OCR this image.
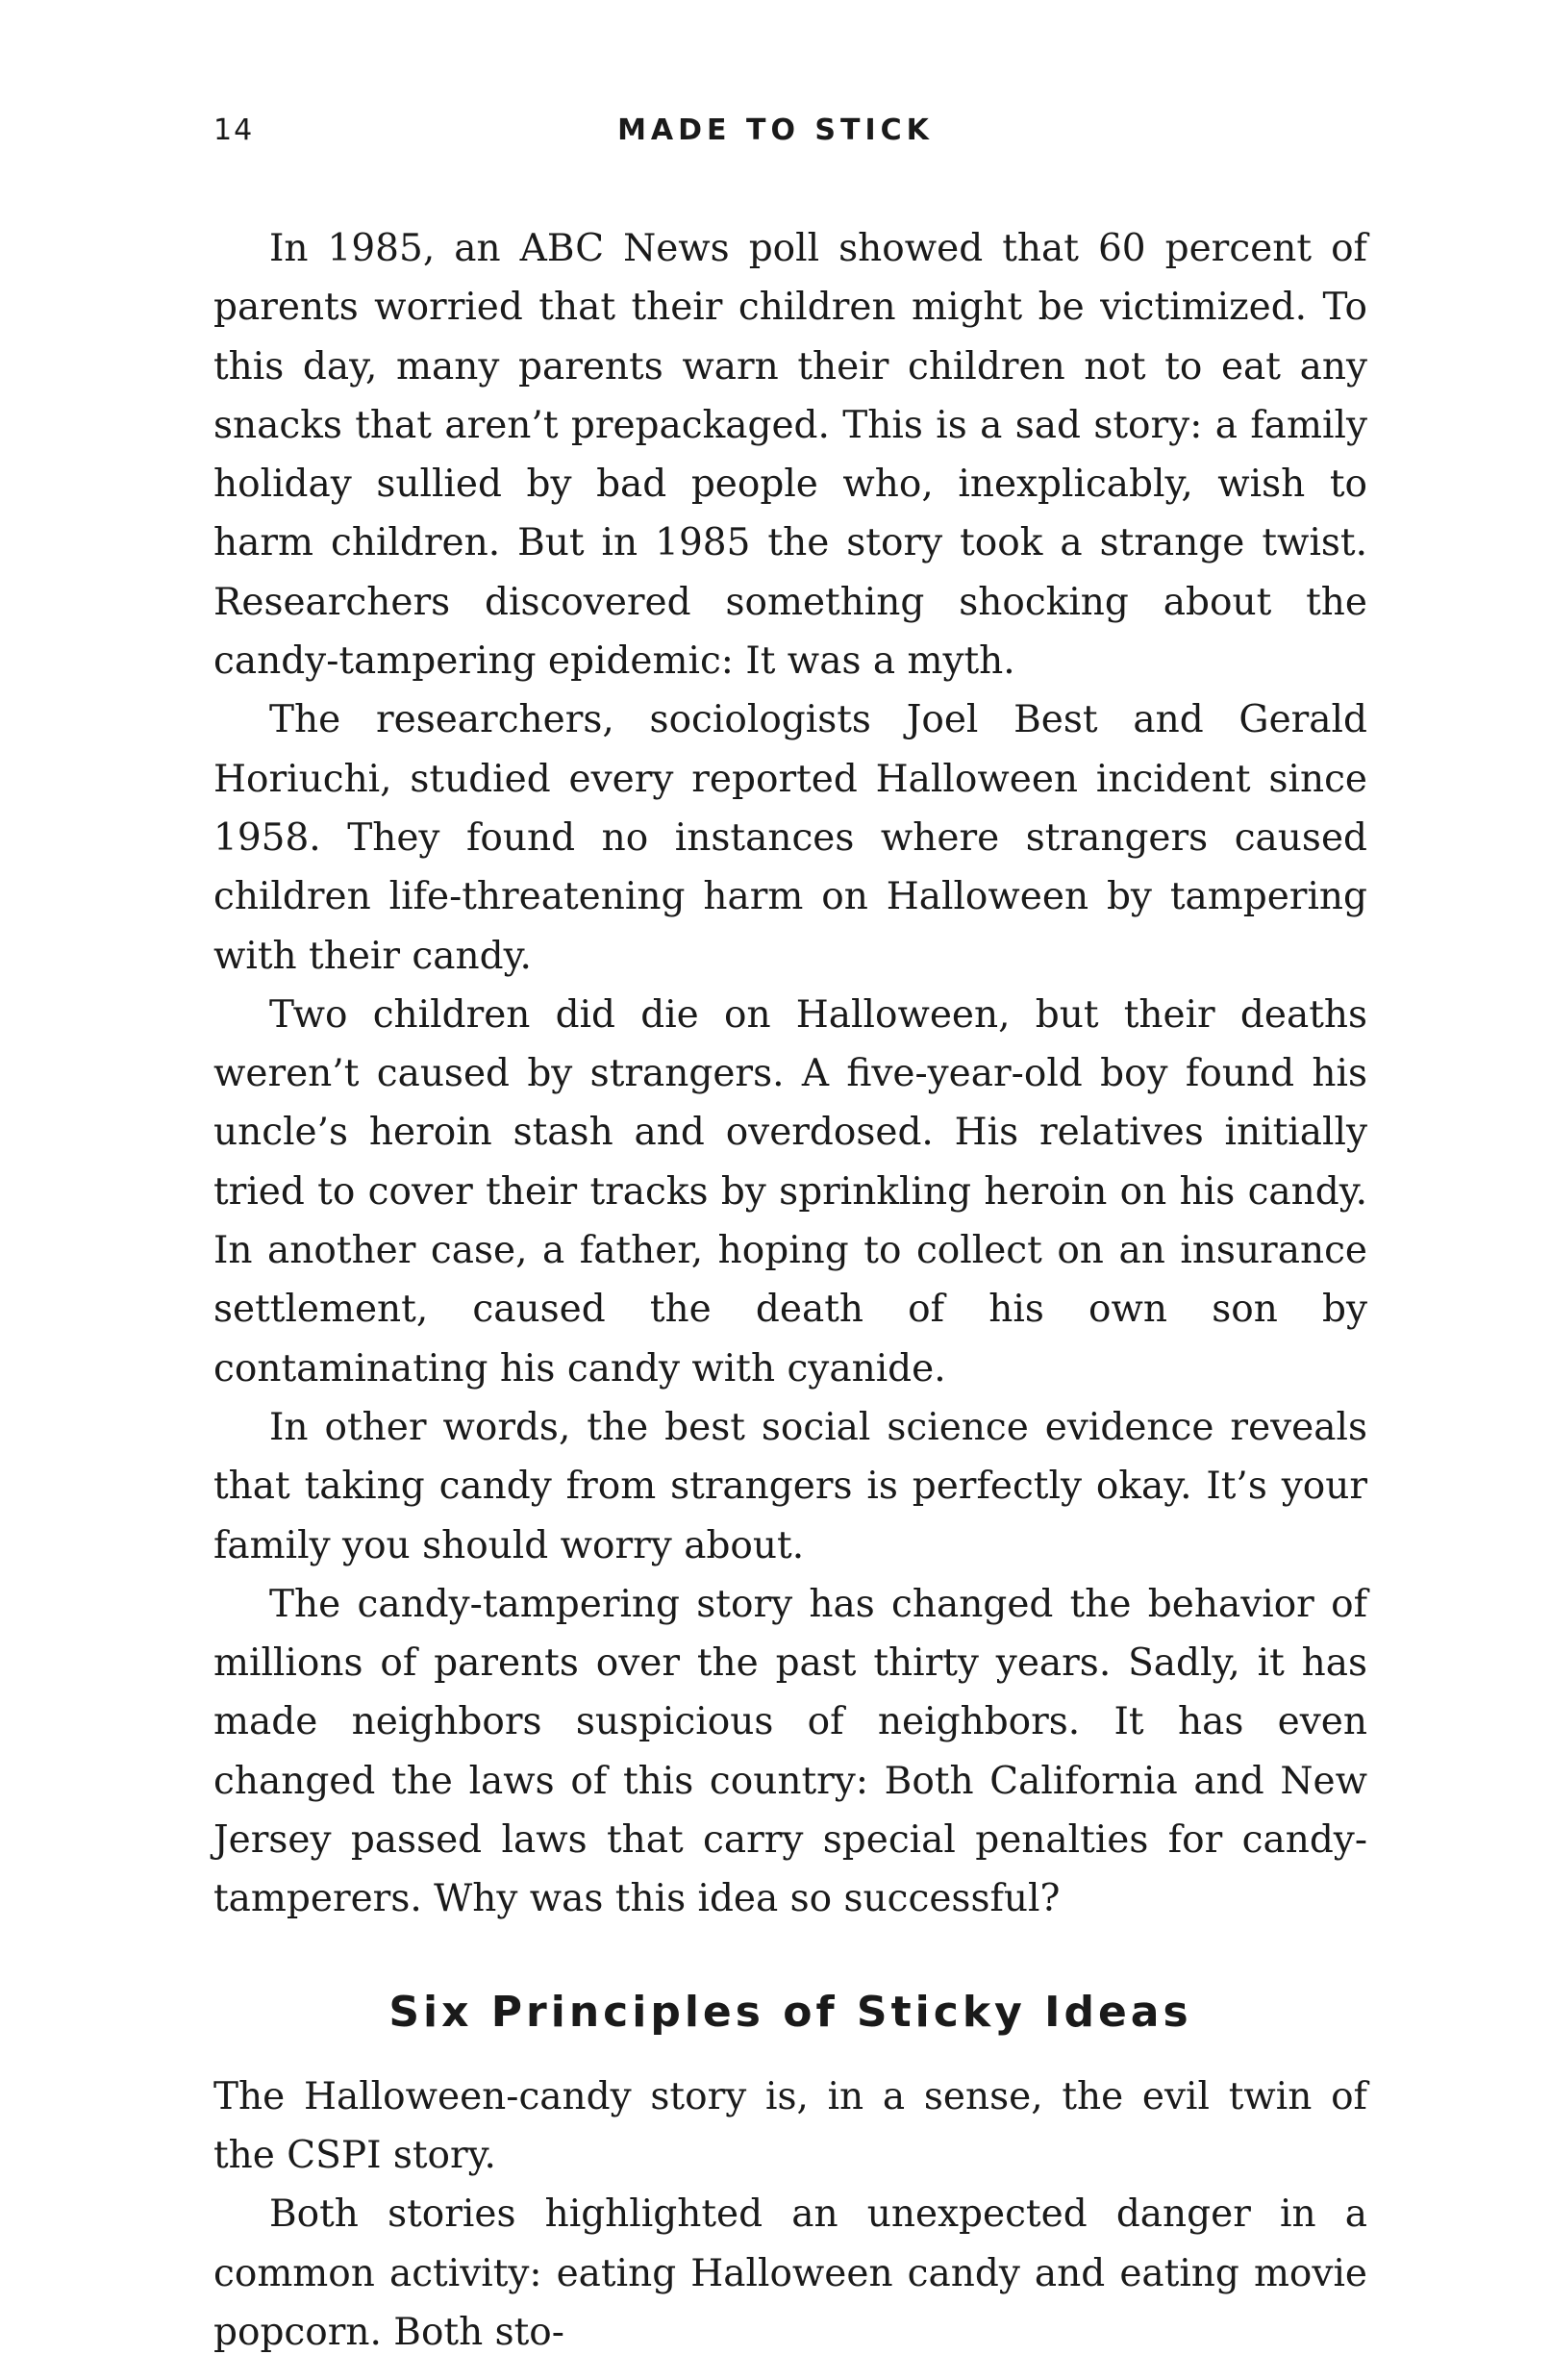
14	MADE TO STICK

In 1985, an ABC News poll showed that 60 percent of parents worried that their children might be victimized. To this day, many parents warn their children not to eat any snacks that aren’t prepackaged. This is a sad story: a family holiday sullied by bad people who, inexplicably, wish to harm children. But in 1985 the story took a strange twist. Researchers discovered something shocking about the candy-tampering epidemic: It was a myth.

The researchers, sociologists Joel Best and Gerald Horiuchi, studied every reported Halloween incident since 1958. They found no instances where strangers caused children life-threatening harm on Halloween by tampering with their candy.

Two children did die on Halloween, but their deaths weren’t caused by strangers. A five-year-old boy found his uncle’s heroin stash and overdosed. His relatives initially tried to cover their tracks by sprinkling heroin on his candy. In another case, a father, hoping to collect on an insurance settlement, caused the death of his own son by contaminating his candy with cyanide.

In other words, the best social science evidence reveals that taking candy from strangers is perfectly okay. It’s your family you should worry about.

The candy-tampering story has changed the behavior of millions of parents over the past thirty years. Sadly, it has made neighbors suspicious of neighbors. It has even changed the laws of this country: Both California and New Jersey passed laws that carry special penalties for candy-tamperers. Why was this idea so successful?

Six Principles of Sticky Ideas

The Halloween-candy story is, in a sense, the evil twin of the CSPI story.

Both stories highlighted an unexpected danger in a common activity: eating Halloween candy and eating movie popcorn. Both sto-
